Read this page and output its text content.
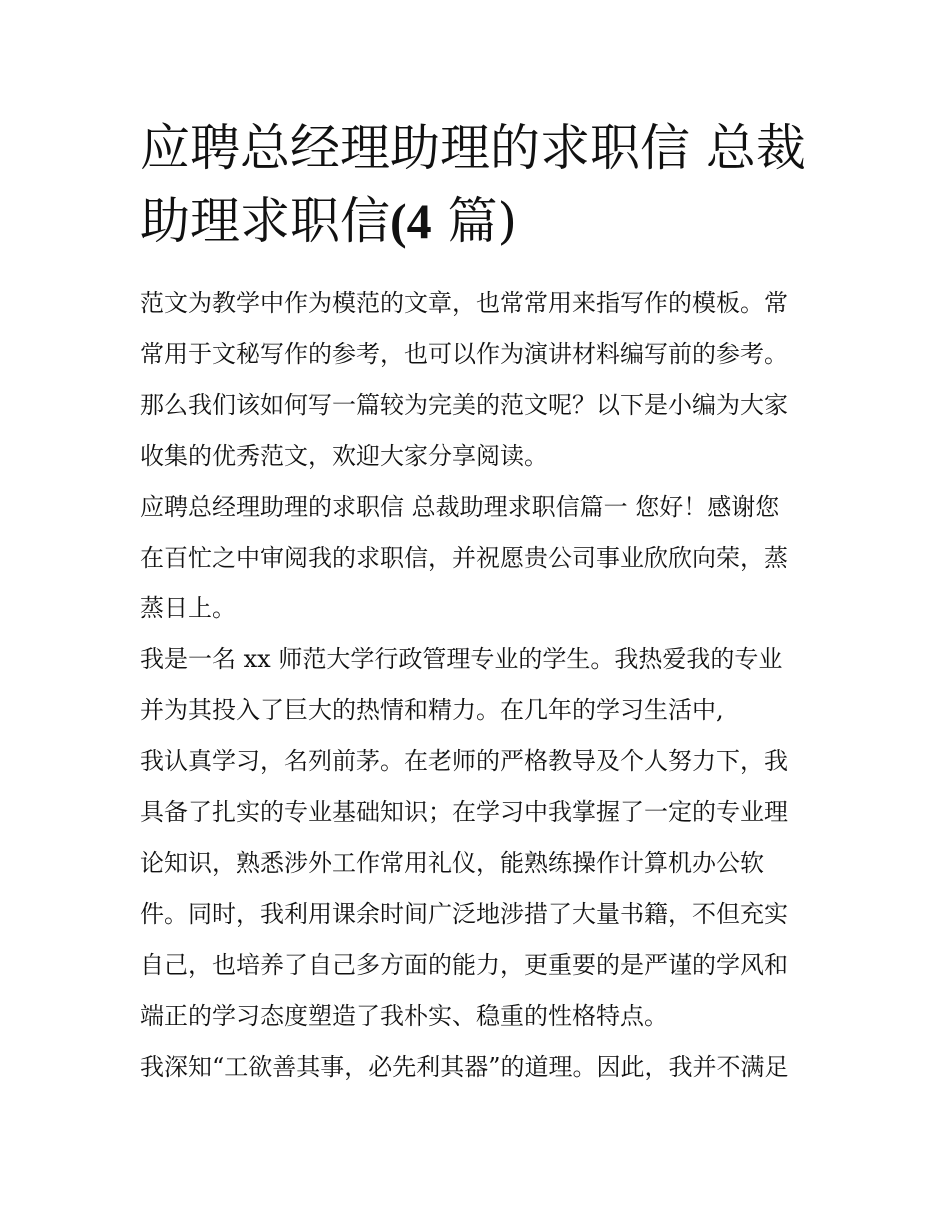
应聘总经理助理的求职信 总裁
助理求职信(4 篇)

范文为教学中作为模范的文章，也常常用来指写作的模板。常
常用于文秘写作的参考，也可以作为演讲材料编写前的参考。
那么我们该如何写一篇较为完美的范文呢？以下是小编为大家
收集的优秀范文，欢迎大家分享阅读。

应聘总经理助理的求职信 总裁助理求职信篇一 您好！感谢您
在百忙之中审阅我的求职信，并祝愿贵公司事业欣欣向荣，蒸
蒸日上。

我是一名 xx 师范大学行政管理专业的学生。我热爱我的专业
并为其投入了巨大的热情和精力。在几年的学习生活中,

我认真学习，名列前茅。在老师的严格教导及个人努力下，我
具备了扎实的专业基础知识；在学习中我掌握了一定的专业理
论知识，熟悉涉外工作常用礼仪，能熟练操作计算机办公软
件。同时，我利用课余时间广泛地涉措了大量书籍，不但充实
自己，也培养了自己多方面的能力，更重要的是严谨的学风和
端正的学习态度塑造了我朴实、稳重的性格特点。

我深知“工欲善其事，必先利其器”的道理。因此，我并不满足
